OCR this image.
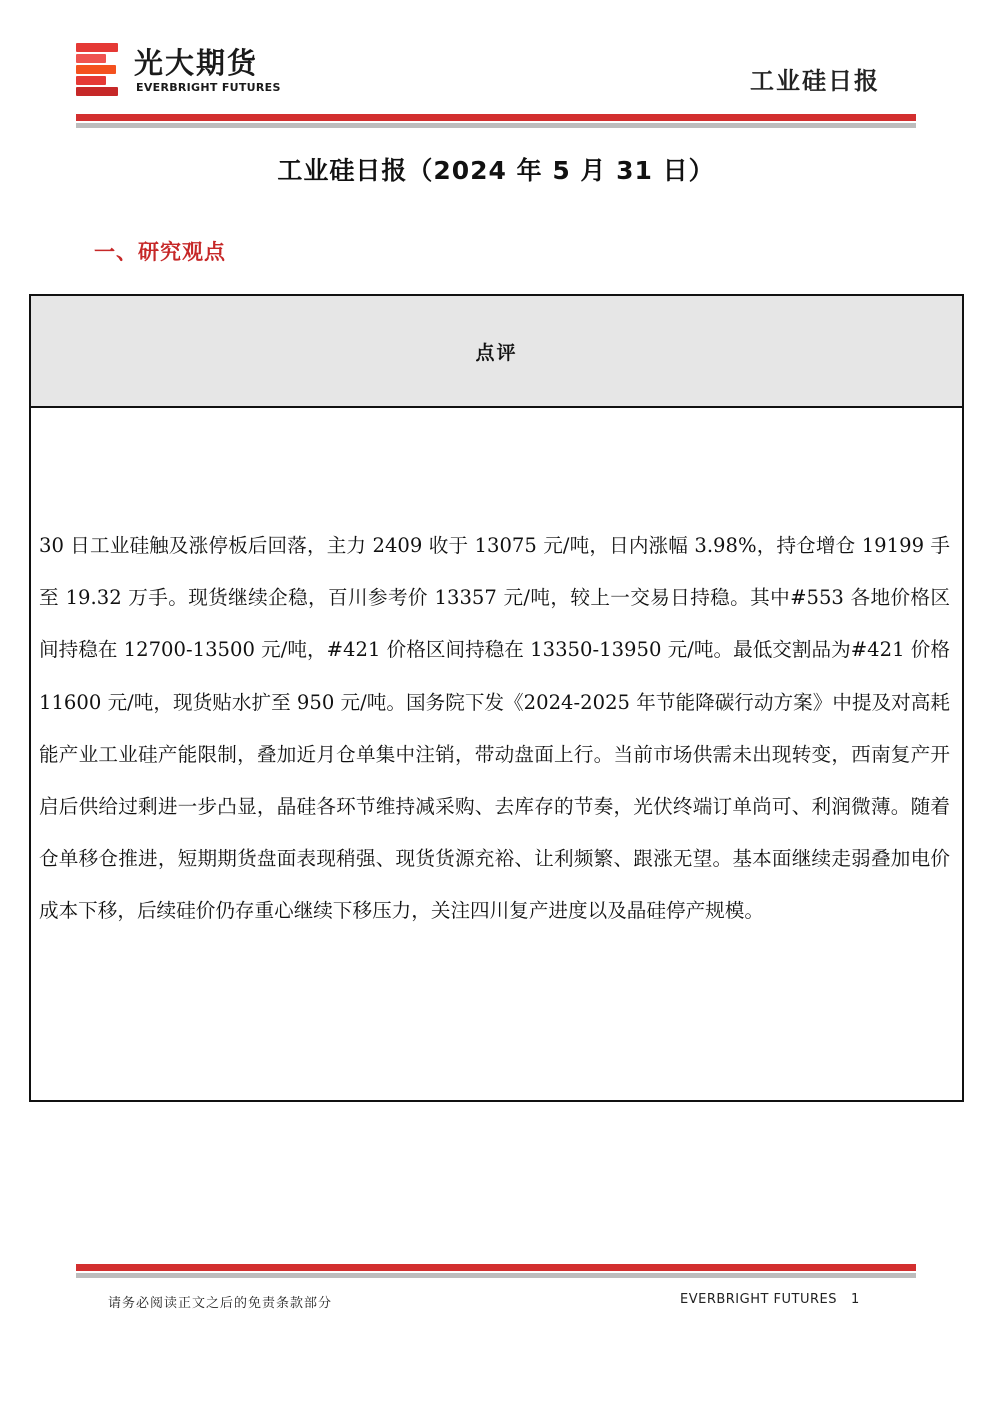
光大期货
EVERBRIGHT FUTURES	工业硅日报
工业硅日报（2024 年 5 月 31 日）
一、研究观点
点评
30 日工业硅触及涨停板后回落，主力 2409 收于 13075 元/吨，日内涨幅 3.98%，持仓增仓 19199 手至 19.32 万手。现货继续企稳，百川参考价 13357 元/吨，较上一交易日持稳。其中#553 各地价格区间持稳在 12700-13500 元/吨，#421 价格区间持稳在 13350-13950 元/吨。最低交割品为#421 价格 11600 元/吨，现货贴水扩至 950 元/吨。国务院下发《2024-2025 年节能降碳行动方案》中提及对高耗能产业工业硅产能限制，叠加近月仓单集中注销，带动盘面上行。当前市场供需未出现转变，西南复产开启后供给过剩进一步凸显，晶硅各环节维持减采购、去库存的节奏，光伏终端订单尚可、利润微薄。随着仓单移仓推进，短期期货盘面表现稍强、现货货源充裕、让利频繁、跟涨无望。基本面继续走弱叠加电价成本下移，后续硅价仍存重心继续下移压力，关注四川复产进度以及晶硅停产规模。
请务必阅读正文之后的免责条款部分	EVERBRIGHT FUTURES 1
